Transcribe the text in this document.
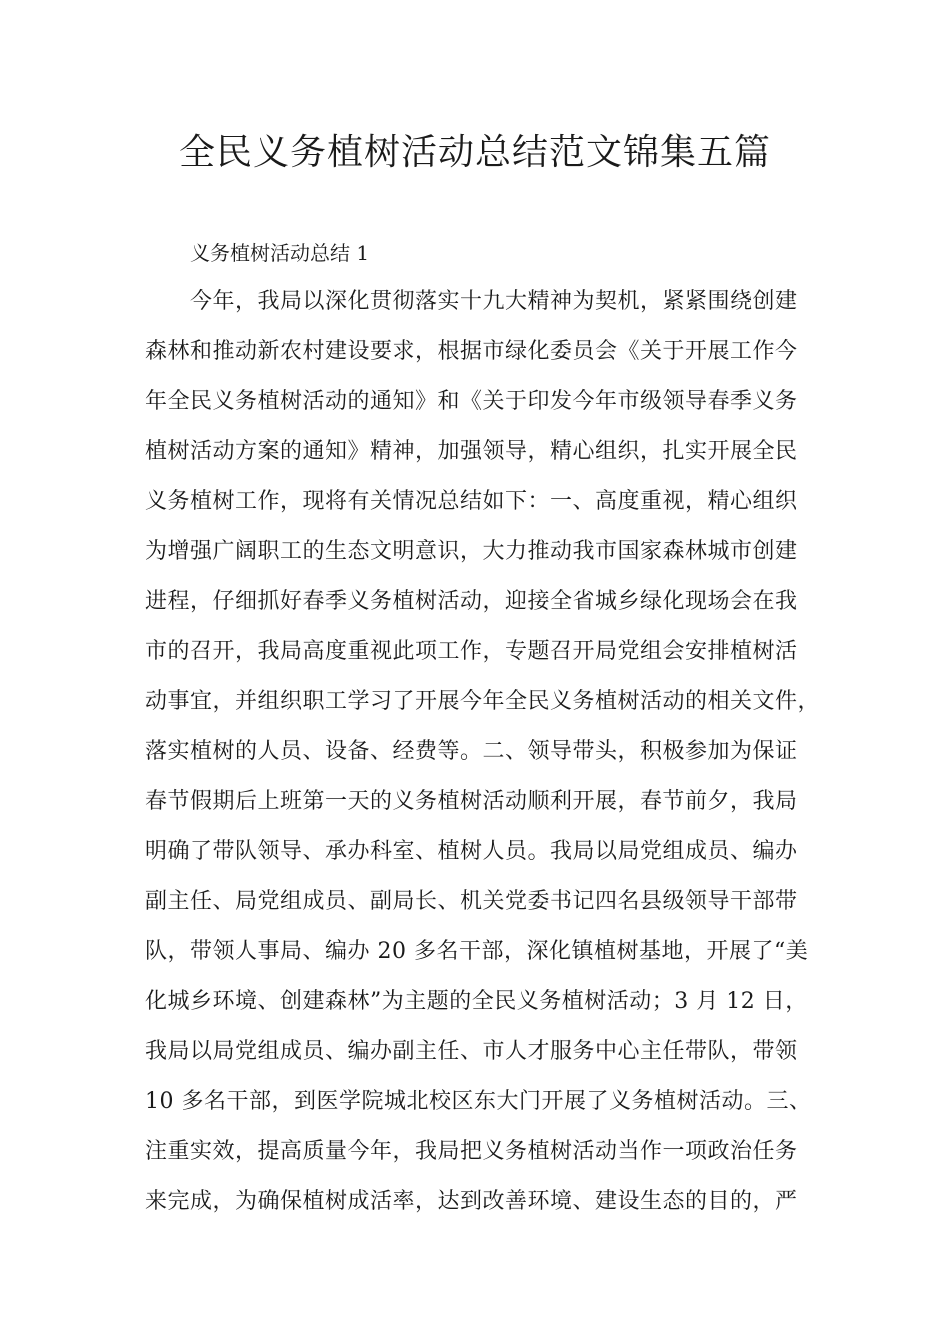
全民义务植树活动总结范文锦集五篇
义务植树活动总结 1
今年，我局以深化贯彻落实十九大精神为契机，紧紧围绕创建
森林和推动新农村建设要求，根据市绿化委员会《关于开展工作今
年全民义务植树活动的通知》和《关于印发今年市级领导春季义务
植树活动方案的通知》精神，加强领导，精心组织，扎实开展全民
义务植树工作，现将有关情况总结如下：一、高度重视，精心组织
为增强广阔职工的生态文明意识，大力推动我市国家森林城市创建
进程，仔细抓好春季义务植树活动，迎接全省城乡绿化现场会在我
市的召开，我局高度重视此项工作，专题召开局党组会安排植树活
动事宜，并组织职工学习了开展今年全民义务植树活动的相关文件，
落实植树的人员、设备、经费等。二、领导带头，积极参加为保证
春节假期后上班第一天的义务植树活动顺利开展，春节前夕，我局
明确了带队领导、承办科室、植树人员。我局以局党组成员、编办
副主任、局党组成员、副局长、机关党委书记四名县级领导干部带
队，带领人事局、编办 20 多名干部，深化镇植树基地，开展了“美
化城乡环境、创建森林”为主题的全民义务植树活动；3 月 12 日，
我局以局党组成员、编办副主任、市人才服务中心主任带队，带领
10 多名干部，到医学院城北校区东大门开展了义务植树活动。三、
注重实效，提高质量今年，我局把义务植树活动当作一项政治任务
来完成，为确保植树成活率，达到改善环境、建设生态的目的，严
